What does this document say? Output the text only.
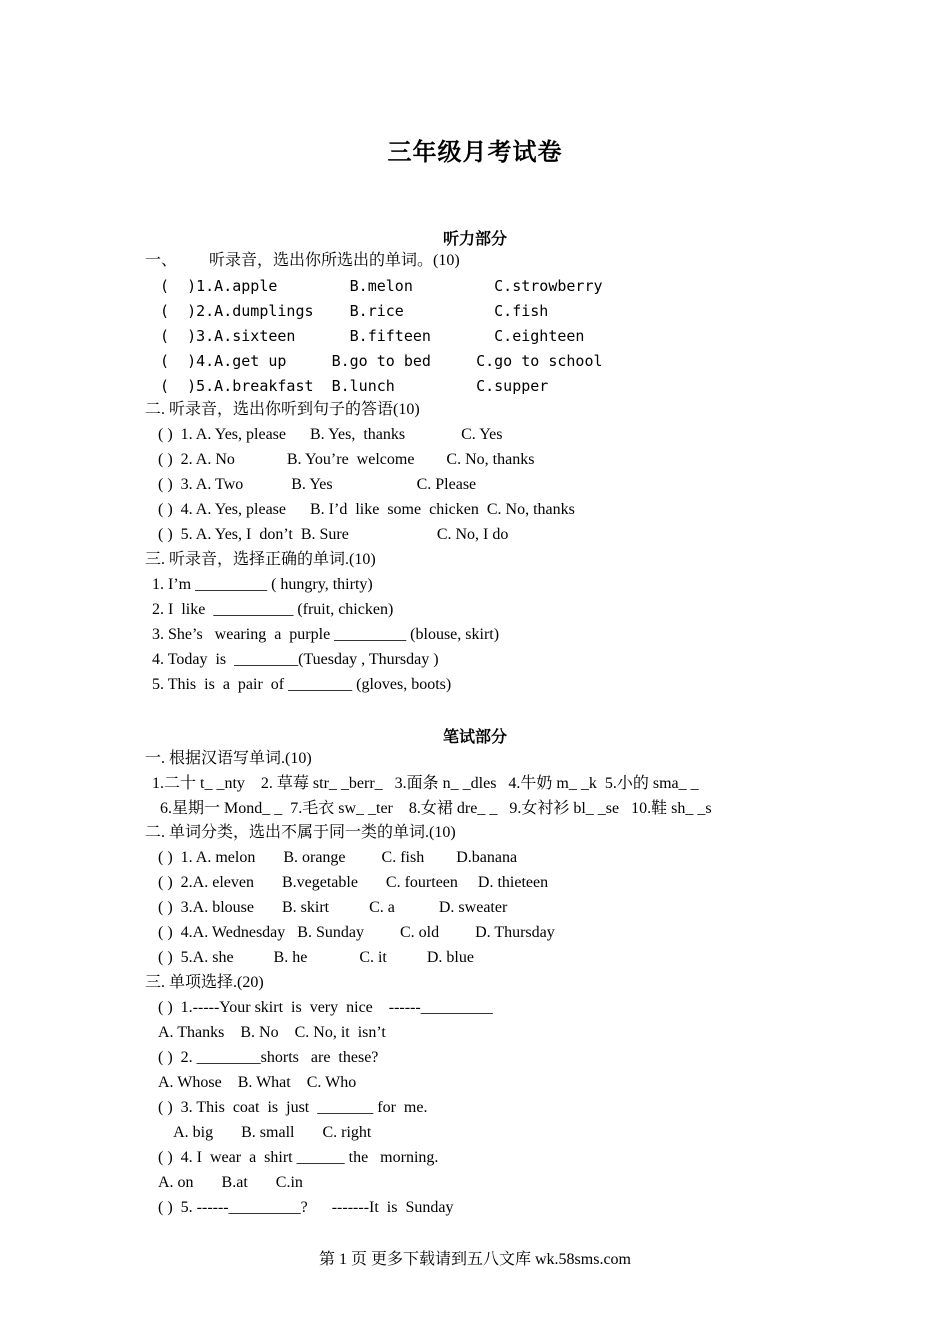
三年级月考试卷
听力部分
一、        听录音，选出你所选出的单词。(10)
(  )1.A.apple        B.melon         C.strowberry
(  )2.A.dumplings    B.rice          C.fish
(  )3.A.sixteen      B.fifteen       C.eighteen
(  )4.A.get up     B.go to bed     C.go to school
(  )5.A.breakfast  B.lunch         C.supper
二. 听录音，选出你听到句子的答语(10)
( )  1. A. Yes, please      B. Yes,  thanks              C. Yes
( )  2. A. No             B. You’re  welcome        C. No, thanks
( )  3. A. Two            B. Yes                     C. Please
( )  4. A. Yes, please      B. I’d  like  some  chicken  C. No, thanks
( )  5. A. Yes, I  don’t  B. Sure                      C. No, I do
三. 听录音，选择正确的单词.(10)
1. I’m _________ ( hungry, thirty)
2. I  like  __________ (fruit, chicken)
3. She’s   wearing  a  purple _________ (blouse, skirt)
4. Today  is  ________(Tuesday , Thursday )
5. This  is  a  pair  of ________ (gloves, boots)
笔试部分
一. 根据汉语写单词.(10)
1.二十 t_ _nty    2. 草莓 str_ _berr_   3.面条 n_ _dles   4.牛奶 m_ _k  5.小的 sma_ _
6.星期一 Mond_ _  7.毛衣 sw_ _ter    8.女裙 dre_ _   9.女衬衫 bl_ _se   10.鞋 sh_ _s
二. 单词分类，选出不属于同一类的单词.(10)
( )  1. A. melon       B. orange         C. fish        D.banana
( )  2.A. eleven       B.vegetable       C. fourteen     D. thieteen
( )  3.A. blouse       B. skirt          C. a           D. sweater
( )  4.A. Wednesday   B. Sunday         C. old         D. Thursday
( )  5.A. she          B. he             C. it          D. blue
三. 单项选择.(20)
( )  1.-----Your skirt  is  very  nice    ------_________
A. Thanks    B. No    C. No, it  isn’t
( )  2. ________shorts   are  these?
A. Whose    B. What    C. Who
( )  3. This  coat  is  just  _______ for  me.
A. big       B. small       C. right
( )  4. I  wear  a  shirt ______ the   morning.
A. on       B.at       C.in
( )  5. ------_________?      -------It  is  Sunday
第 1 页 更多下载请到五八文库 wk.58sms.com
